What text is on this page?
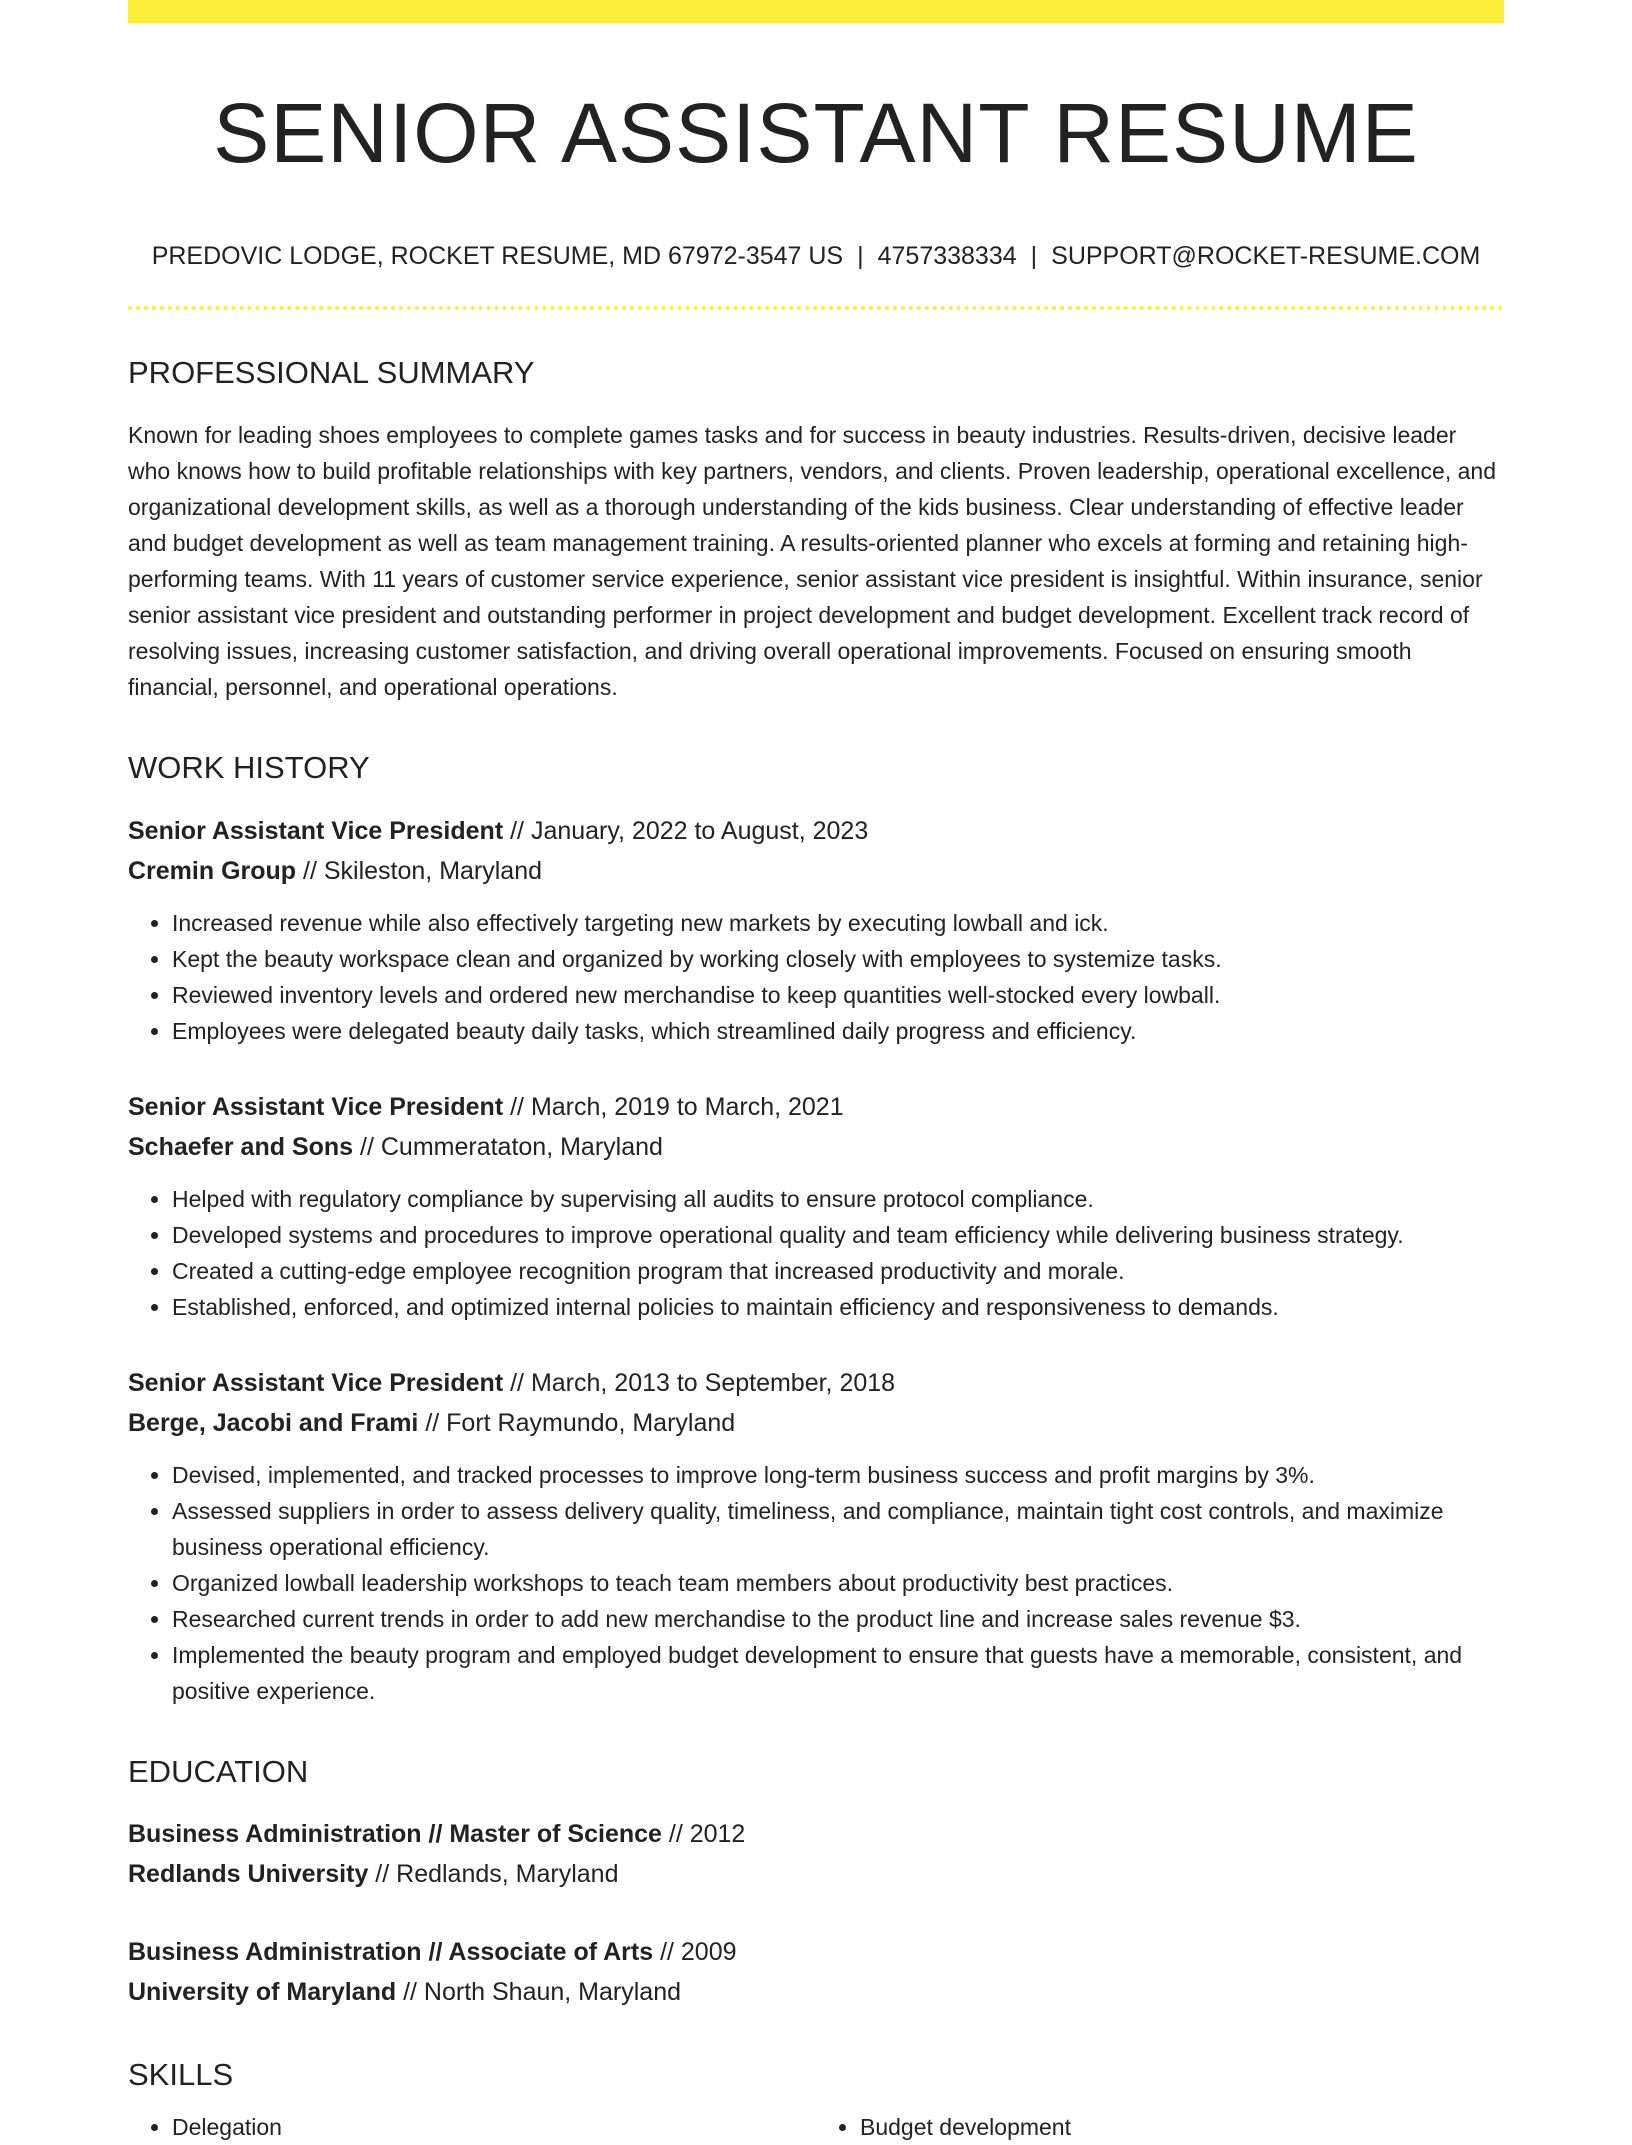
SENIOR ASSISTANT RESUME
PREDOVIC LODGE, ROCKET RESUME, MD 67972-3547 US | 4757338334 | SUPPORT@ROCKET-RESUME.COM
PROFESSIONAL SUMMARY

Known for leading shoes employees to complete games tasks and for success in beauty industries. Results-driven, decisive leader who knows how to build profitable relationships with key partners, vendors, and clients. Proven leadership, operational excellence, and organizational development skills, as well as a thorough understanding of the kids business. Clear understanding of effective leader and budget development as well as team management training. A results-oriented planner who excels at forming and retaining high-performing teams. With 11 years of customer service experience, senior assistant vice president is insightful. Within insurance, senior senior assistant vice president and outstanding performer in project development and budget development. Excellent track record of resolving issues, increasing customer satisfaction, and driving overall operational improvements. Focused on ensuring smooth financial, personnel, and operational operations.

WORK HISTORY
Senior Assistant Vice President // January, 2022 to August, 2023
Cremin Group // Skileston, Maryland
• Increased revenue while also effectively targeting new markets by executing lowball and ick.
• Kept the beauty workspace clean and organized by working closely with employees to systemize tasks.
• Reviewed inventory levels and ordered new merchandise to keep quantities well-stocked every lowball.
• Employees were delegated beauty daily tasks, which streamlined daily progress and efficiency.
Senior Assistant Vice President // March, 2019 to March, 2021
Schaefer and Sons // Cummerataton, Maryland
• Helped with regulatory compliance by supervising all audits to ensure protocol compliance.
• Developed systems and procedures to improve operational quality and team efficiency while delivering business strategy.
• Created a cutting-edge employee recognition program that increased productivity and morale.
• Established, enforced, and optimized internal policies to maintain efficiency and responsiveness to demands.
Senior Assistant Vice President // March, 2013 to September, 2018
Berge, Jacobi and Frami // Fort Raymundo, Maryland
• Devised, implemented, and tracked processes to improve long-term business success and profit margins by 3%.
• Assessed suppliers in order to assess delivery quality, timeliness, and compliance, maintain tight cost controls, and maximize business operational efficiency.
• Organized lowball leadership workshops to teach team members about productivity best practices.
• Researched current trends in order to add new merchandise to the product line and increase sales revenue $3.
• Implemented the beauty program and employed budget development to ensure that guests have a memorable, consistent, and positive experience.
EDUCATION
Business Administration // Master of Science // 2012
Redlands University // Redlands, Maryland
Business Administration // Associate of Arts // 2009
University of Maryland // North Shaun, Maryland
SKILLS
• Delegation
•	Budget development
